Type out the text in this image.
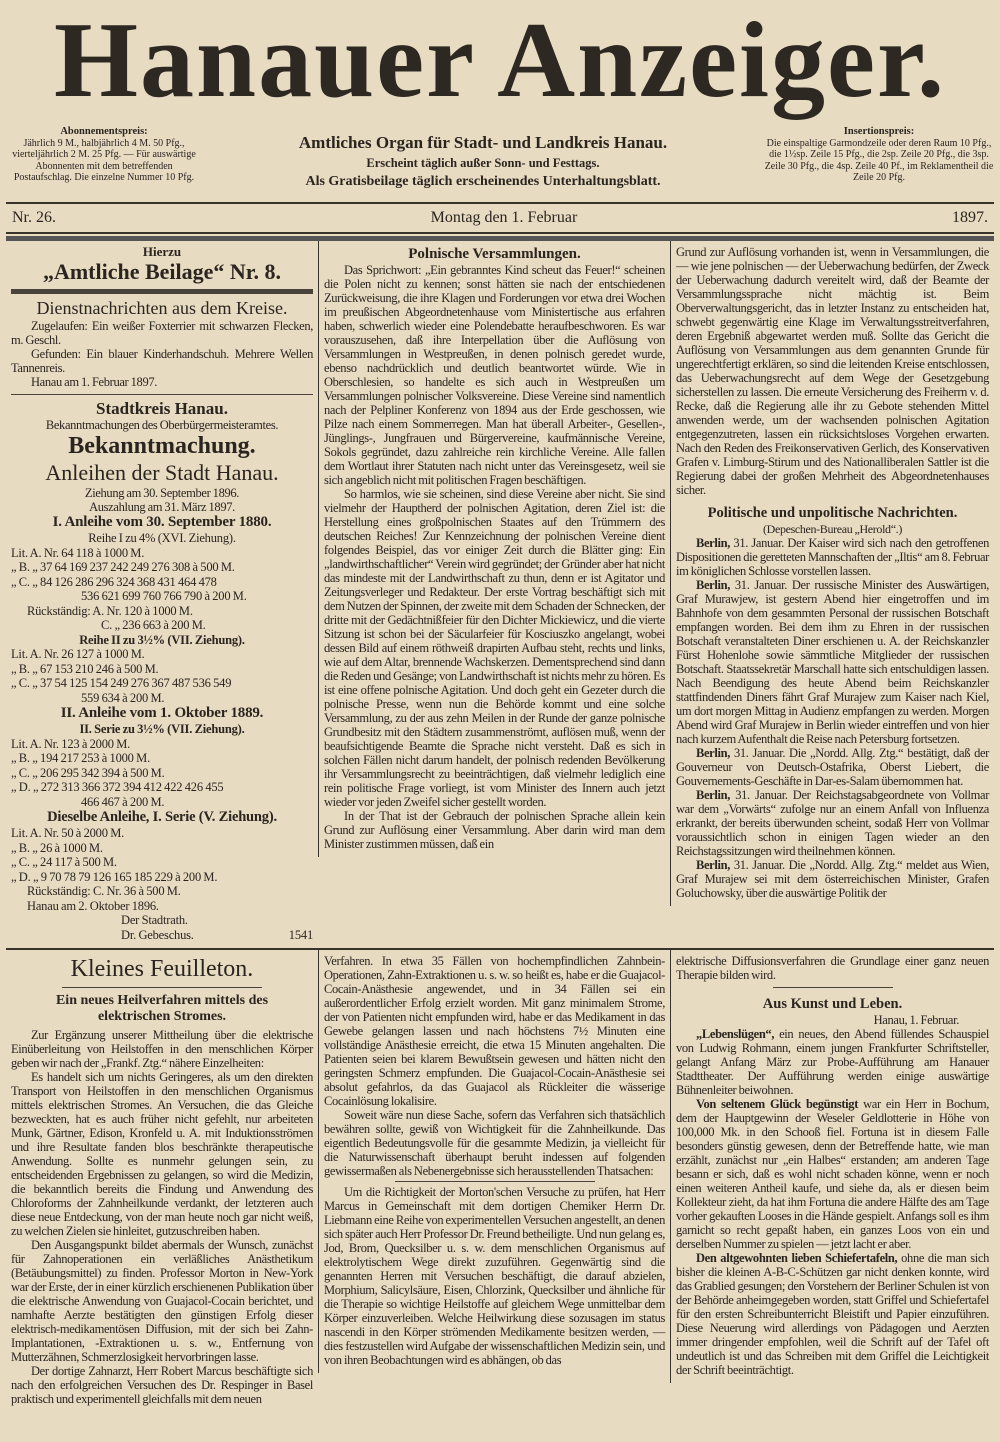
Hanauer Anzeiger.
Abonnementspreis:
Jährlich 9 M., halbjährlich 4 M. 50 Pfg., vierteljährlich 2 M. 25 Pfg. — Für auswärtige Abonnenten mit dem betreffenden Postaufschlag. Die einzelne Nummer 10 Pfg.
Amtliches Organ für Stadt- und Landkreis Hanau.
Erscheint täglich außer Sonn- und Festtags.
Als Gratisbeilage täglich erscheinendes Unterhaltungsblatt.
Insertionspreis:
Die einspaltige Garmondzeile oder deren Raum 10 Pfg., die 1½sp. Zeile 15 Pfg., die 2sp. Zeile 20 Pfg., die 3sp. Zeile 30 Pfg., die 4sp. Zeile 40 Pf., im Reklamentheil die Zeile 20 Pfg.
Nr. 26.	Montag den 1. Februar	1897.
Hierzu
„Amtliche Beilage“ Nr. 8.
Dienstnachrichten aus dem Kreise.

Zugelaufen: Ein weißer Foxterrier mit schwarzen Flecken, m. Geschl.

Gefunden: Ein blauer Kinderhandschuh. Mehrere Wellen Tannenreis.

Hanau am 1. Februar 1897.

Stadtkreis Hanau.
Bekanntmachungen des Oberbürgermeisteramtes.
Bekanntmachung.
Anleihen der Stadt Hanau.
Ziehung am 30. September 1896.
Auszahlung am 31. März 1897.
I. Anleihe vom 30. September 1880.
Reihe I zu 4% (XVI. Ziehung).
Lit. A. Nr. 64 118 à 1000 M.
„ B. „ 37 64 169 237 242 249 276 308 à 500 M.
„ C. „ 84 126 286 296 324 368 431 464 478
536 621 699 760 766 790 à 200 M.
Rückständig: A. Nr. 120 à 1000 M.
C. „ 236 663 à 200 M.
Reihe II zu 3½% (VII. Ziehung).
Lit. A. Nr. 26 127 à 1000 M.
„ B. „ 67 153 210 246 à 500 M.
„ C. „ 37 54 125 154 249 276 367 487 536 549
559 634 à 200 M.
II. Anleihe vom 1. Oktober 1889.
II. Serie zu 3½% (VII. Ziehung).
Lit. A. Nr. 123 à 2000 M.
„ B. „ 194 217 253 à 1000 M.
„ C. „ 206 295 342 394 à 500 M.
„ D. „ 272 313 366 372 394 412 422 426 455
466 467 à 200 M.
Dieselbe Anleihe, I. Serie (V. Ziehung).
Lit. A. Nr. 50 à 2000 M.
„ B. „ 26 à 1000 M.
„ C. „ 24 117 à 500 M.
„ D. „ 9 70 78 79 126 165 185 229 à 200 M.
Rückständig: C. Nr. 36 à 500 M.
Hanau am 2. Oktober 1896.
Der Stadtrath.
Dr. Gebeschus.	1541
Polnische Versammlungen.

Das Sprichwort: „Ein gebranntes Kind scheut das Feuer!“ scheinen die Polen nicht zu kennen; sonst hätten sie nach der entschiedenen Zurückweisung, die ihre Klagen und Forderungen vor etwa drei Wochen im preußischen Abgeordnetenhause vom Ministertische aus erfahren haben, schwerlich wieder eine Polendebatte heraufbeschworen. Es war vorauszusehen, daß ihre Interpellation über die Auflösung von Versammlungen in Westpreußen, in denen polnisch geredet wurde, ebenso nachdrücklich und deutlich beantwortet würde. Wie in Oberschlesien, so handelte es sich auch in Westpreußen um Versammlungen polnischer Volksvereine. Diese Vereine sind namentlich nach der Pelpliner Konferenz von 1894 aus der Erde geschossen, wie Pilze nach einem Sommerregen. Man hat überall Arbeiter-, Gesellen-, Jünglings-, Jungfrauen und Bürgervereine, kaufmännische Vereine, Sokols gegründet, dazu zahlreiche rein kirchliche Vereine. Alle fallen dem Wortlaut ihrer Statuten nach nicht unter das Vereinsgesetz, weil sie sich angeblich nicht mit politischen Fragen beschäftigen.

So harmlos, wie sie scheinen, sind diese Vereine aber nicht. Sie sind vielmehr der Hauptherd der polnischen Agitation, deren Ziel ist: die Herstellung eines großpolnischen Staates auf den Trümmern des deutschen Reiches! Zur Kennzeichnung der polnischen Vereine dient folgendes Beispiel, das vor einiger Zeit durch die Blätter ging: Ein „landwirthschaftlicher“ Verein wird gegründet; der Gründer aber hat nicht das mindeste mit der Landwirthschaft zu thun, denn er ist Agitator und Zeitungsverleger und Redakteur. Der erste Vortrag beschäftigt sich mit dem Nutzen der Spinnen, der zweite mit dem Schaden der Schnecken, der dritte mit der Gedächtnißfeier für den Dichter Mickiewicz, und die vierte Sitzung ist schon bei der Säcularfeier für Kosciuszko angelangt, wobei dessen Bild auf einem röthweiß drapirten Aufbau steht, rechts und links, wie auf dem Altar, brennende Wachskerzen. Dementsprechend sind dann die Reden und Gesänge; von Landwirthschaft ist nichts mehr zu hören. Es ist eine offene polnische Agitation. Und doch geht ein Gezeter durch die polnische Presse, wenn nun die Behörde kommt und eine solche Versammlung, zu der aus zehn Meilen in der Runde der ganze polnische Grundbesitz mit den Städtern zusammenströmt, auflösen muß, wenn der beaufsichtigende Beamte die Sprache nicht versteht. Daß es sich in solchen Fällen nicht darum handelt, der polnisch redenden Bevölkerung ihr Versammlungsrecht zu beeinträchtigen, daß vielmehr lediglich eine rein politische Frage vorliegt, ist vom Minister des Innern auch jetzt wieder vor jeden Zweifel sicher gestellt worden.

In der That ist der Gebrauch der polnischen Sprache allein kein Grund zur Auflösung einer Versammlung. Aber darin wird man dem Minister zustimmen müssen, daß ein

Grund zur Auflösung vorhanden ist, wenn in Versammlungen, die — wie jene polnischen — der Ueberwachung bedürfen, der Zweck der Ueberwachung dadurch vereitelt wird, daß der Beamte der Versammlungssprache nicht mächtig ist. Beim Oberverwaltungsgericht, das in letzter Instanz zu entscheiden hat, schwebt gegenwärtig eine Klage im Verwaltungsstreitverfahren, deren Ergebniß abgewartet werden muß. Sollte das Gericht die Auflösung von Versammlungen aus dem genannten Grunde für ungerechtfertigt erklären, so sind die leitenden Kreise entschlossen, das Ueberwachungsrecht auf dem Wege der Gesetzgebung sicherstellen zu lassen. Die erneute Versicherung des Freiherrn v. d. Recke, daß die Regierung alle ihr zu Gebote stehenden Mittel anwenden werde, um der wachsenden polnischen Agitation entgegenzutreten, lassen ein rücksichtsloses Vorgehen erwarten. Nach den Reden des Freikonservativen Gerlich, des Konservativen Grafen v. Limburg-Stirum und des Nationalliberalen Sattler ist die Regierung dabei der großen Mehrheit des Abgeordnetenhauses sicher.

Politische und unpolitische Nachrichten.
(Depeschen-Bureau „Herold“.)

Berlin, 31. Januar. Der Kaiser wird sich nach den getroffenen Dispositionen die geretteten Mannschaften der „Iltis“ am 8. Februar im königlichen Schlosse vorstellen lassen.

Berlin, 31. Januar. Der russische Minister des Auswärtigen, Graf Murawjew, ist gestern Abend hier eingetroffen und im Bahnhofe von dem gesammten Personal der russischen Botschaft empfangen worden. Bei dem ihm zu Ehren in der russischen Botschaft veranstalteten Diner erschienen u. A. der Reichskanzler Fürst Hohenlohe sowie sämmtliche Mitglieder der russischen Botschaft. Staatssekretär Marschall hatte sich entschuldigen lassen. Nach Beendigung des heute Abend beim Reichskanzler stattfindenden Diners fährt Graf Murajew zum Kaiser nach Kiel, um dort morgen Mittag in Audienz empfangen zu werden. Morgen Abend wird Graf Murajew in Berlin wieder eintreffen und von hier nach kurzem Aufenthalt die Reise nach Petersburg fortsetzen.

Berlin, 31. Januar. Die „Nordd. Allg. Ztg.“ bestätigt, daß der Gouverneur von Deutsch-Ostafrika, Oberst Liebert, die Gouvernements-Geschäfte in Dar-es-Salam übernommen hat.

Berlin, 31. Januar. Der Reichstagsabgeordnete von Vollmar war dem „Vorwärts“ zufolge nur an einem Anfall von Influenza erkrankt, der bereits überwunden scheint, sodaß Herr von Vollmar voraussichtlich schon in einigen Tagen wieder an den Reichstagssitzungen wird theilnehmen können.

Berlin, 31. Januar. Die „Nordd. Allg. Ztg.“ meldet aus Wien, Graf Murajew sei mit dem österreichischen Minister, Grafen Goluchowsky, über die auswärtige Politik der

Kleines Feuilleton.
Ein neues Heilverfahren mittels des elektrischen Stromes.

Zur Ergänzung unserer Mittheilung über die elektrische Einüberleitung von Heilstoffen in den menschlichen Körper geben wir nach der „Frankf. Ztg.“ nähere Einzelheiten:

Es handelt sich um nichts Geringeres, als um den direkten Transport von Heilstoffen in den menschlichen Organismus mittels elektrischen Stromes. An Versuchen, die das Gleiche bezweckten, hat es auch früher nicht gefehlt, nur arbeiteten Munk, Gärtner, Edison, Kronfeld u. A. mit Induktionsströmen und ihre Resultate fanden blos beschränkte therapeutische Anwendung. Sollte es nunmehr gelungen sein, zu entscheidenden Ergebnissen zu gelangen, so wird die Medizin, die bekanntlich bereits die Findung und Anwendung des Chloroforms der Zahnheilkunde verdankt, der letzteren auch diese neue Entdeckung, von der man heute noch gar nicht weiß, zu welchen Zielen sie hinleitet, gutzuschreiben haben.

Den Ausgangspunkt bildet abermals der Wunsch, zunächst für Zahnoperationen ein verläßliches Anästhetikum (Betäubungsmittel) zu finden. Professor Morton in New-York war der Erste, der in einer kürzlich erschienenen Publikation über die elektrische Anwendung von Guajacol-Cocain berichtet, und namhafte Aerzte bestätigten den günstigen Erfolg dieser elektrisch-medikamentösen Diffusion, mit der sich bei Zahn-Implantationen, -Extraktionen u. s. w., Entfernung von Mutterzähnen, Schmerzlosigkeit hervorbringen lasse.

Der dortige Zahnarzt, Herr Robert Marcus beschäftigte sich nach den erfolgreichen Versuchen des Dr. Respinger in Basel praktisch und experimentell gleichfalls mit dem neuen

Verfahren. In etwa 35 Fällen von hochempfindlichen Zahnbein-Operationen, Zahn-Extraktionen u. s. w. so heißt es, habe er die Guajacol-Cocain-Anästhesie angewendet, und in 34 Fällen sei ein außerordentlicher Erfolg erzielt worden. Mit ganz minimalem Strome, der von Patienten nicht empfunden wird, habe er das Medikament in das Gewebe gelangen lassen und nach höchstens 7½ Minuten eine vollständige Anästhesie erreicht, die etwa 15 Minuten angehalten. Die Patienten seien bei klarem Bewußtsein gewesen und hätten nicht den geringsten Schmerz empfunden. Die Guajacol-Cocain-Anästhesie sei absolut gefahrlos, da das Guajacol als Rückleiter die wässerige Cocainlösung lokalisire.

Soweit wäre nun diese Sache, sofern das Verfahren sich thatsächlich bewähren sollte, gewiß von Wichtigkeit für die Zahnheilkunde. Das eigentlich Bedeutungsvolle für die gesammte Medizin, ja vielleicht für die Naturwissenschaft überhaupt beruht indessen auf folgenden gewissermaßen als Nebenergebnisse sich herausstellenden Thatsachen:

Um die Richtigkeit der Morton'schen Versuche zu prüfen, hat Herr Marcus in Gemeinschaft mit dem dortigen Chemiker Herrn Dr. Liebmann eine Reihe von experimentellen Versuchen angestellt, an denen sich später auch Herr Professor Dr. Freund betheiligte. Und nun gelang es, Jod, Brom, Quecksilber u. s. w. dem menschlichen Organismus auf elektrolytischem Wege direkt zuzuführen. Gegenwärtig sind die genannten Herren mit Versuchen beschäftigt, die darauf abzielen, Morphium, Salicylsäure, Eisen, Chlorzink, Quecksilber und ähnliche für die Therapie so wichtige Heilstoffe auf gleichem Wege unmittelbar dem Körper einzuverleiben. Welche Heilwirkung diese sozusagen im status nascendi in den Körper strömenden Medikamente besitzen werden, — dies festzustellen wird Aufgabe der wissenschaftlichen Medizin sein, und von ihren Beobachtungen wird es abhängen, ob das

elektrische Diffusionsverfahren die Grundlage einer ganz neuen Therapie bilden wird.

Aus Kunst und Leben.
Hanau, 1. Februar.

„Lebenslügen“, ein neues, den Abend füllendes Schauspiel von Ludwig Rohmann, einem jungen Frankfurter Schriftsteller, gelangt Anfang März zur Probe-Aufführung am Hanauer Stadttheater. Der Aufführung werden einige auswärtige Bühnenleiter beiwohnen.

Von seltenem Glück begünstigt war ein Herr in Bochum, dem der Hauptgewinn der Weseler Geldlotterie in Höhe von 100,000 Mk. in den Schooß fiel. Fortuna ist in diesem Falle besonders günstig gewesen, denn der Betreffende hatte, wie man erzählt, zunächst nur „ein Halbes“ erstanden; am anderen Tage besann er sich, daß es wohl nicht schaden könne, wenn er noch einen weiteren Antheil kaufe, und siehe da, als er diesen beim Kollekteur zieht, da hat ihm Fortuna die andere Hälfte des am Tage vorher gekauften Looses in die Hände gespielt. Anfangs soll es ihm garnicht so recht gepaßt haben, ein ganzes Loos von ein und derselben Nummer zu spielen — jetzt lacht er aber.

Den altgewohnten lieben Schiefertafeln, ohne die man sich bisher die kleinen A-B-C-Schützen gar nicht denken konnte, wird das Grablied gesungen; den Vorstehern der Berliner Schulen ist von der Behörde anheimgegeben worden, statt Griffel und Schiefertafel für den ersten Schreibunterricht Bleistift und Papier einzuführen. Diese Neuerung wird allerdings von Pädagogen und Aerzten immer dringender empfohlen, weil die Schrift auf der Tafel oft undeutlich ist und das Schreiben mit dem Griffel die Leichtigkeit der Schrift beeinträchtigt.
